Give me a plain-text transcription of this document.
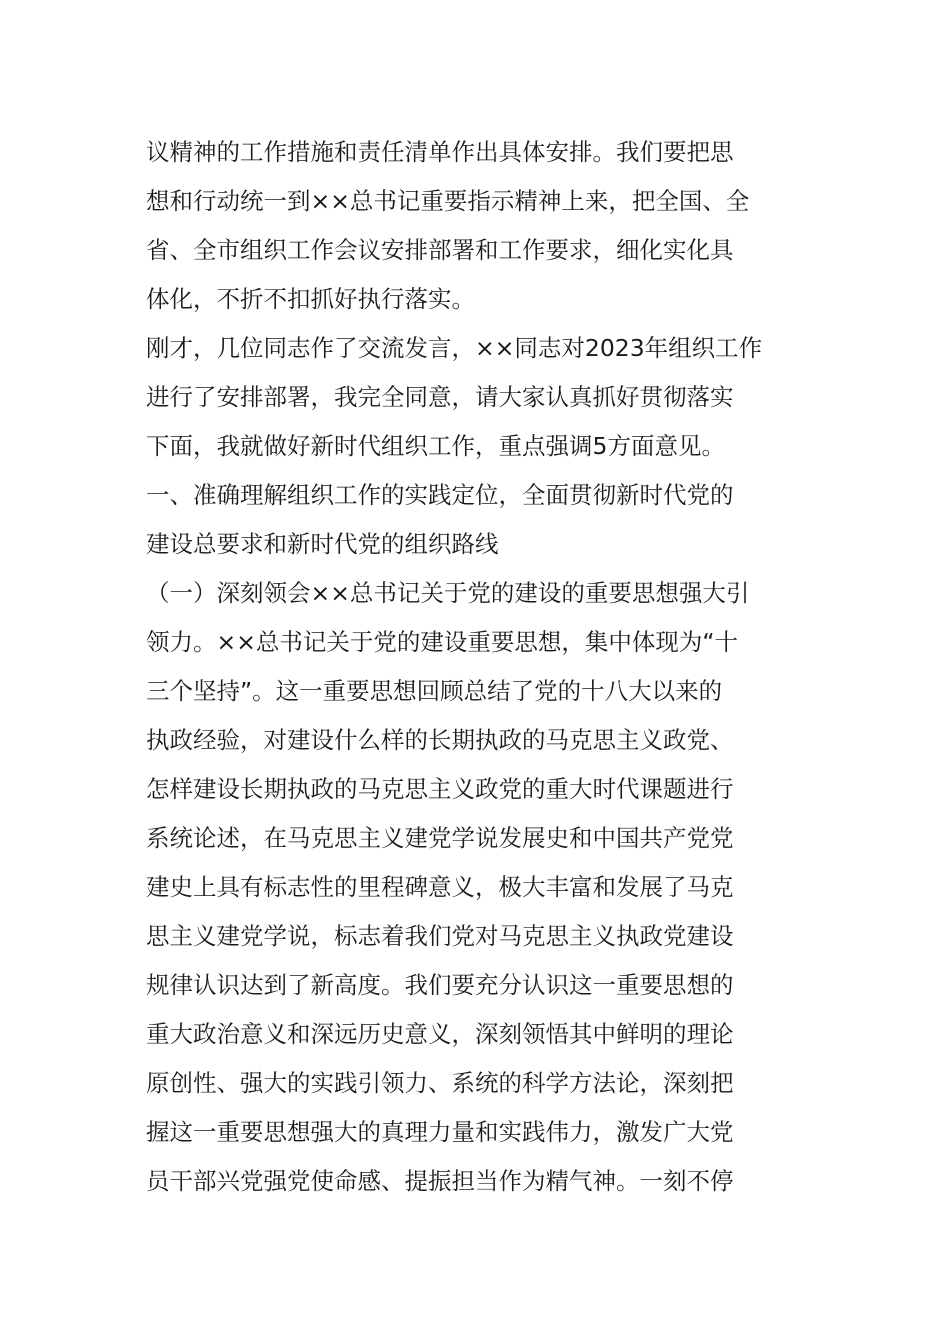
议精神的工作措施和责任清单作出具体安排。我们要把思
想和行动统一到××总书记重要指示精神上来，把全国、全
省、全市组织工作会议安排部署和工作要求，细化实化具
体化，不折不扣抓好执行落实。
刚才，几位同志作了交流发言，××同志对2023年组织工作
进行了安排部署，我完全同意，请大家认真抓好贯彻落实
下面，我就做好新时代组织工作，重点强调5方面意见。
一、准确理解组织工作的实践定位，全面贯彻新时代党的
建设总要求和新时代党的组织路线
（一）深刻领会××总书记关于党的建设的重要思想强大引
领力。××总书记关于党的建设重要思想，集中体现为“十
三个坚持”。这一重要思想回顾总结了党的十八大以来的
执政经验，对建设什么样的长期执政的马克思主义政党、
怎样建设长期执政的马克思主义政党的重大时代课题进行
系统论述，在马克思主义建党学说发展史和中国共产党党
建史上具有标志性的里程碑意义，极大丰富和发展了马克
思主义建党学说，标志着我们党对马克思主义执政党建设
规律认识达到了新高度。我们要充分认识这一重要思想的
重大政治意义和深远历史意义，深刻领悟其中鲜明的理论
原创性、强大的实践引领力、系统的科学方法论，深刻把
握这一重要思想强大的真理力量和实践伟力，激发广大党
员干部兴党强党使命感、提振担当作为精气神。一刻不停
